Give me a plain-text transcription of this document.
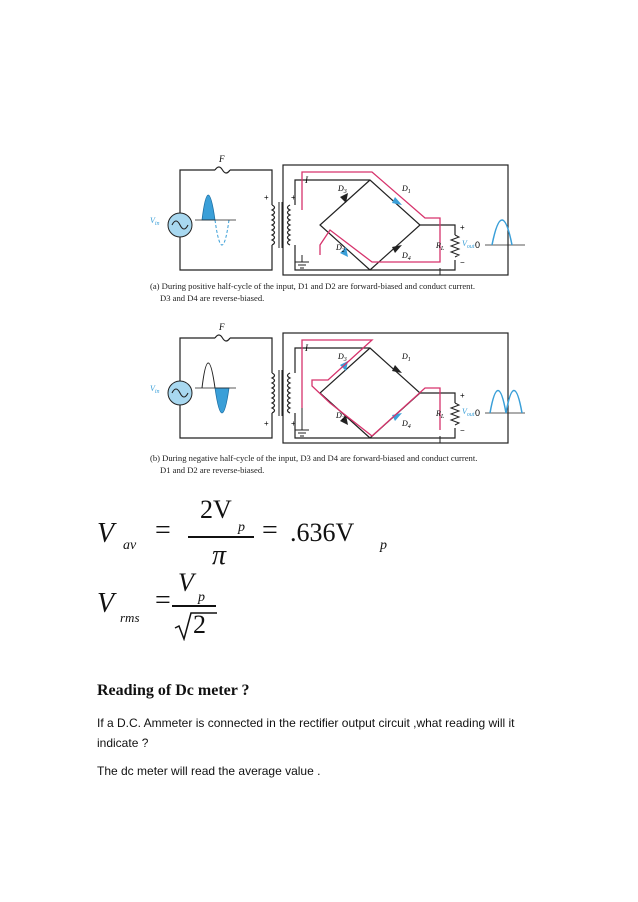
F
$V_{in}$
+	+
I
$D_3$	$D_1$
$D_2$	$D_4$
$R_L$
$V_{out}$
+
−
0
(a) During positive half-cycle of the input, D1 and D2 are forward-biased and conduct current.
D3 and D4 are reverse-biased.
F
$V_{in}$
+	+
I
$D_3$	$D_1$
$D_2$	$D_4$
$R_L$
$V_{out}$
+
−
0
(b) During negative half-cycle of the input, D3 and D4 are forward-biased and conduct current.
D1 and D2 are reverse-biased.
V av =
2V
p
π
= .636V p
V rms
=
V
p
2
Reading of Dc meter ?
If a D.C. Ammeter is connected in the rectifier output circuit ,what reading will it indicate ?
The dc meter will read the average value .
